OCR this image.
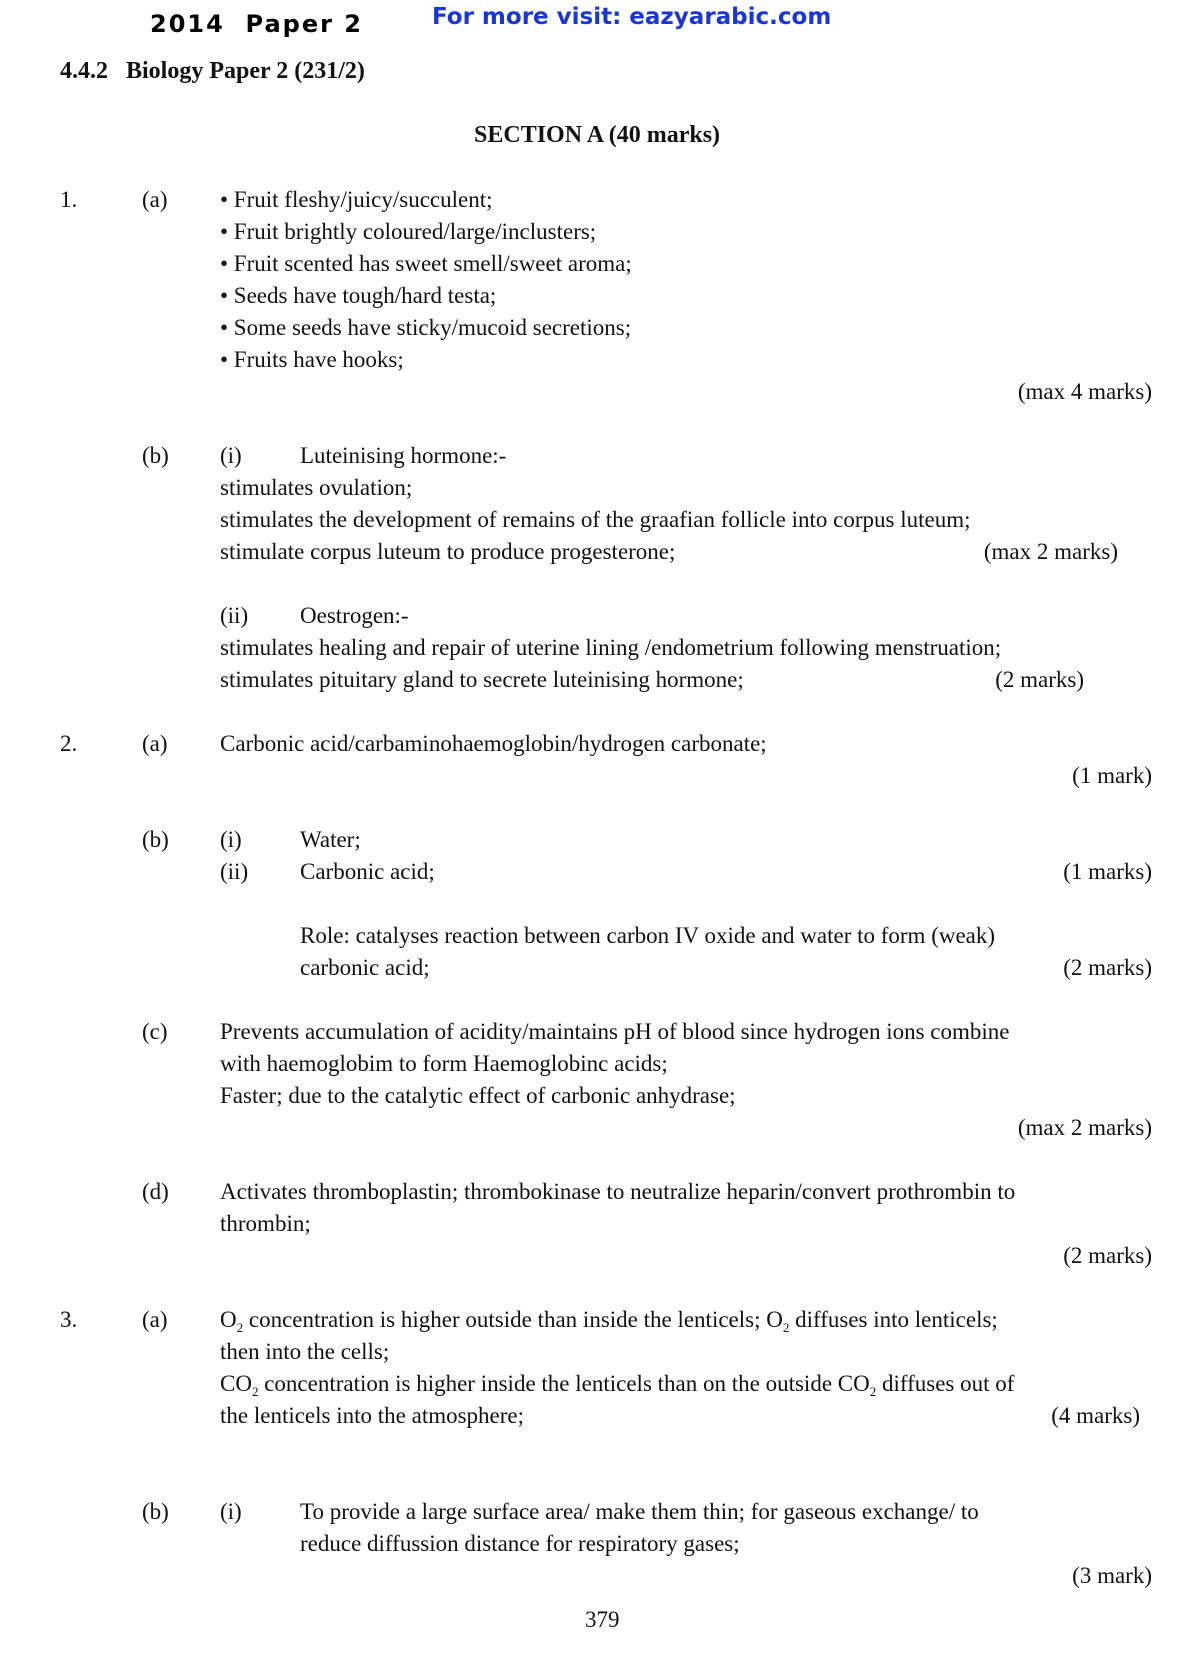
2014  Paper 2	For more visit: eazyarabic.com
4.4.2   Biology Paper 2 (231/2)
SECTION A (40 marks)
1.	(a) • Fruit fleshy/juicy/succulent;
• Fruit brightly coloured/large/inclusters;
• Fruit scented has sweet smell/sweet aroma;
• Seeds have tough/hard testa;
• Some seeds have sticky/mucoid secretions;
• Fruits have hooks;
(max 4 marks)
(b) (i)	Luteinising hormone:-
stimulates ovulation;
stimulates the development of remains of the graafian follicle into corpus luteum;
stimulate corpus luteum to produce progesterone;	(max 2 marks)
(ii) Oestrogen:-
stimulates healing and repair of uterine lining /endometrium following menstruation;
stimulates pituitary gland to secrete luteinising hormone;	(2 marks)
2.	(a) Carbonic acid/carbaminohaemoglobin/hydrogen carbonate;
(1 mark)
(b) (i)	Water;
(ii) Carbonic acid;	(1 marks)
Role: catalyses reaction between carbon IV oxide and water to form (weak)
carbonic acid;	(2 marks)
(c) Prevents accumulation of acidity/maintains pH of blood since hydrogen ions combine
with haemoglobim to form Haemoglobinc acids;
Faster; due to the catalytic effect of carbonic anhydrase;
(max 2 marks)
(d) Activates thromboplastin; thrombokinase to neutralize heparin/convert prothrombin to
thrombin;
(2 marks)
3.	(a) $O_2$ concentration is higher outside than inside the lenticels; $O_2$ diffuses into lenticels;
then into the cells;
$CO_2$ concentration is higher inside the lenticels than on the outside $CO_2$ diffuses out of
the lenticels into the atmosphere;	(4 marks)
(b) (i)	To provide a large surface area/ make them thin; for gaseous exchange/ to
reduce diffussion distance for respiratory gases;
(3 mark)
379
